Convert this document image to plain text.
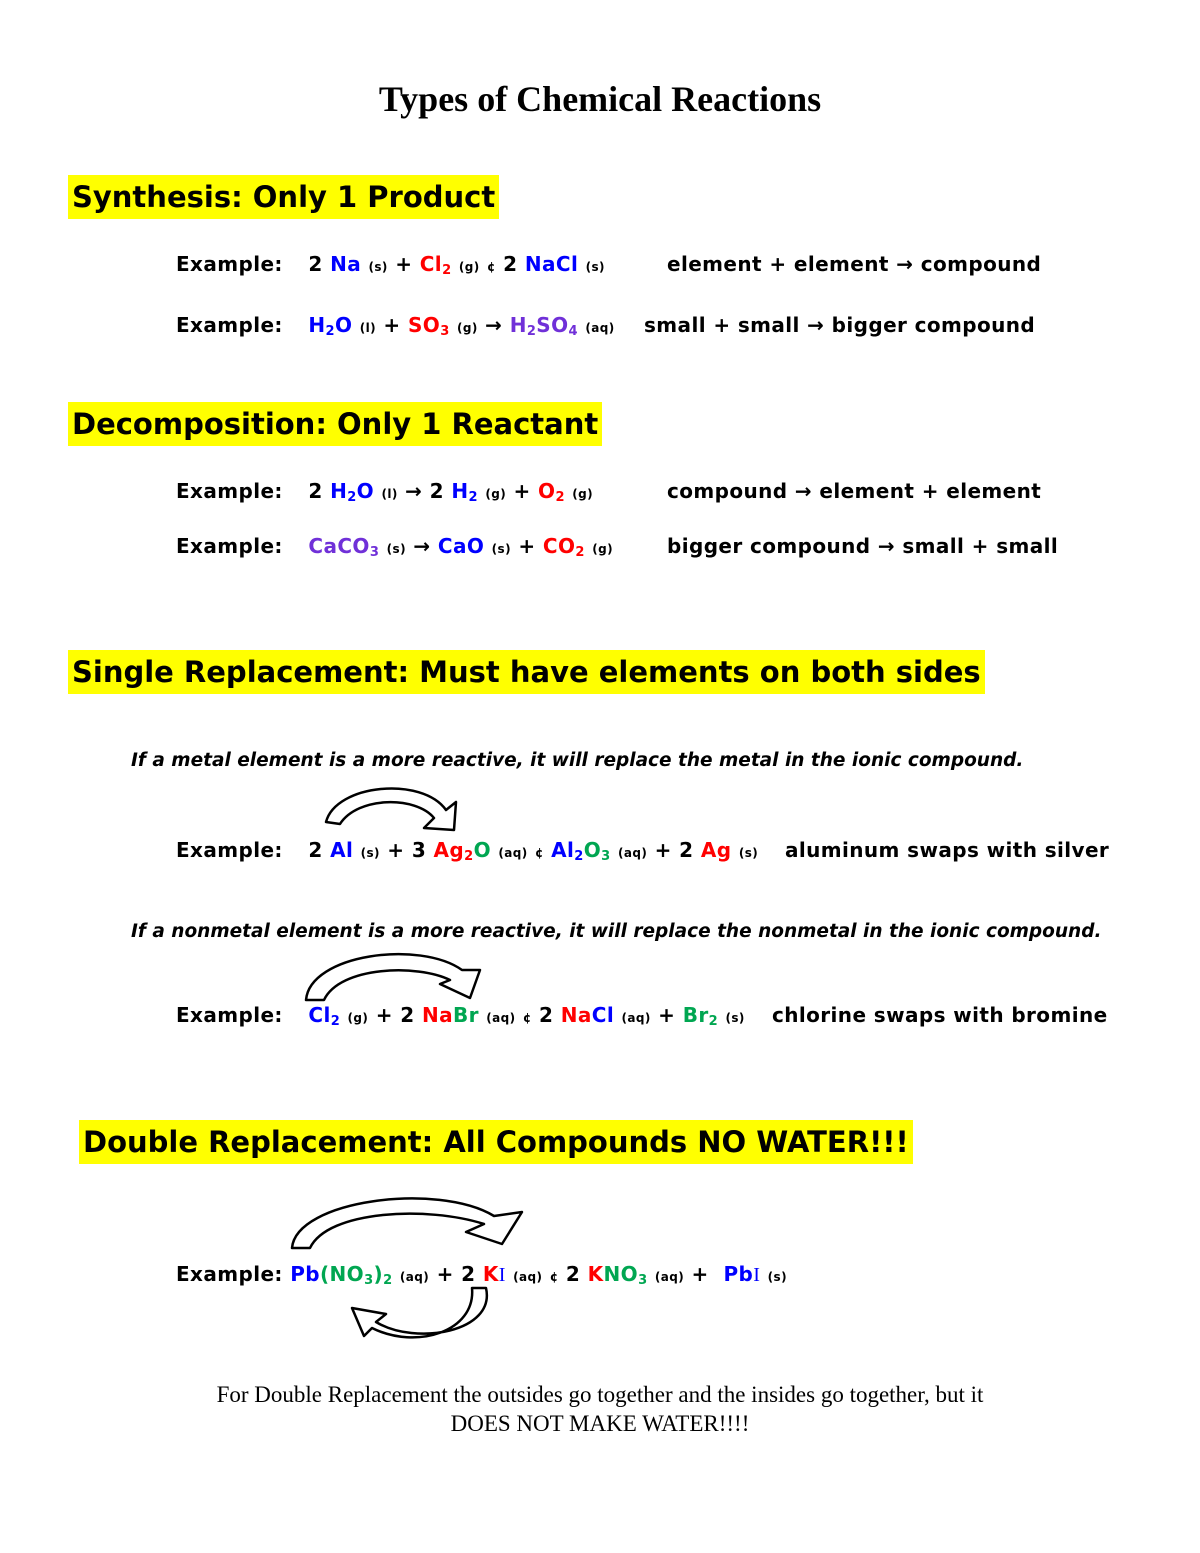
Types of Chemical Reactions
Synthesis: Only 1 Product
Example: 2 Na (s) + Cl2 (g) ¢ 2 NaCl (s)	element + element → compound
Example: H2O (l) + SO3 (g) → H2SO4 (aq) small + small → bigger compound
Decomposition: Only 1 Reactant
Example: 2 H2O (l) → 2 H2 (g) + O2 (g)	compound → element + element
Example: CaCO3 (s) → CaO (s) + CO2 (g)	bigger compound → small + small
Single Replacement: Must have elements on both sides
If a metal element is a more reactive, it will replace the metal in the ionic compound.
Example: 2 Al (s) + 3 Ag2O (aq) ¢ Al2O3 (aq) + 2 Ag (s) aluminum swaps with silver
If a nonmetal element is a more reactive, it will replace the nonmetal in the ionic compound.
Example: Cl2 (g) + 2 NaBr (aq) ¢ 2 NaCl (aq) + Br2 (s) chlorine swaps with bromine
Double Replacement: All Compounds NO WATER!!!
Example: Pb(NO3)2 (aq) + 2 KI (aq) ¢ 2 KNO3 (aq) + PbI (s)
For Double Replacement the outsides go together and the insides go together, but it
DOES NOT MAKE WATER!!!!
